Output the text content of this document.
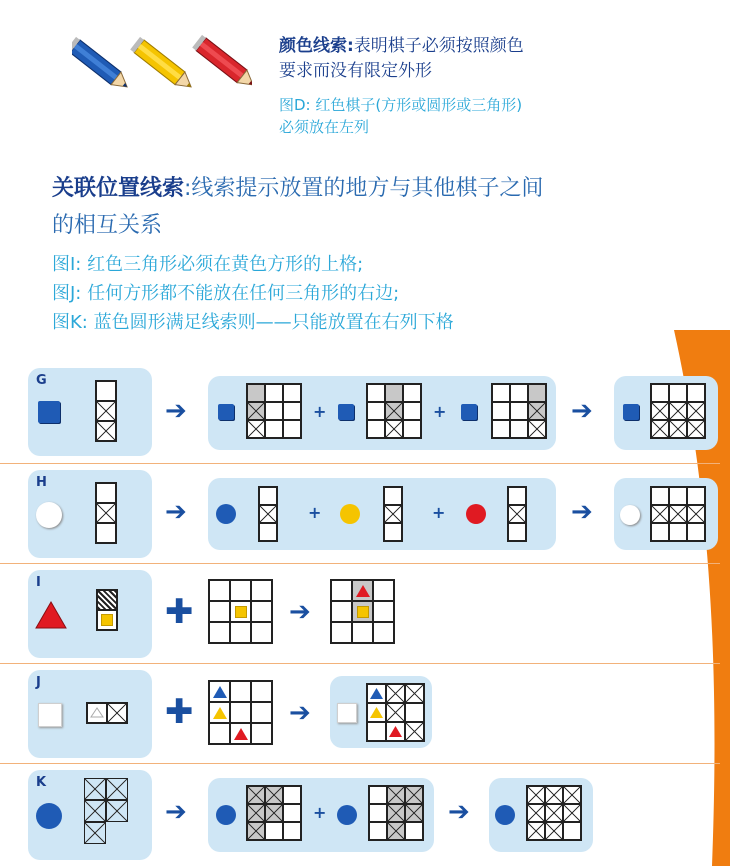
颜色线索:表明棋子必须按照颜色
要求而没有限定外形
图D: 红色棋子(方形或圆形或三角形)
必须放在左列
关联位置线索:线索提示放置的地方与其他棋子之间
的相互关系
图I: 红色三角形必须在黄色方形的上格;
图J: 任何方形都不能放在任何三角形的右边;
图K: 蓝色圆形满足线索则——只能放置在右列下格
G
➔	+	+	➔
H
➔	+	+	➔
I
✚	➔
J
✚	➔
K
➔	+	➔
